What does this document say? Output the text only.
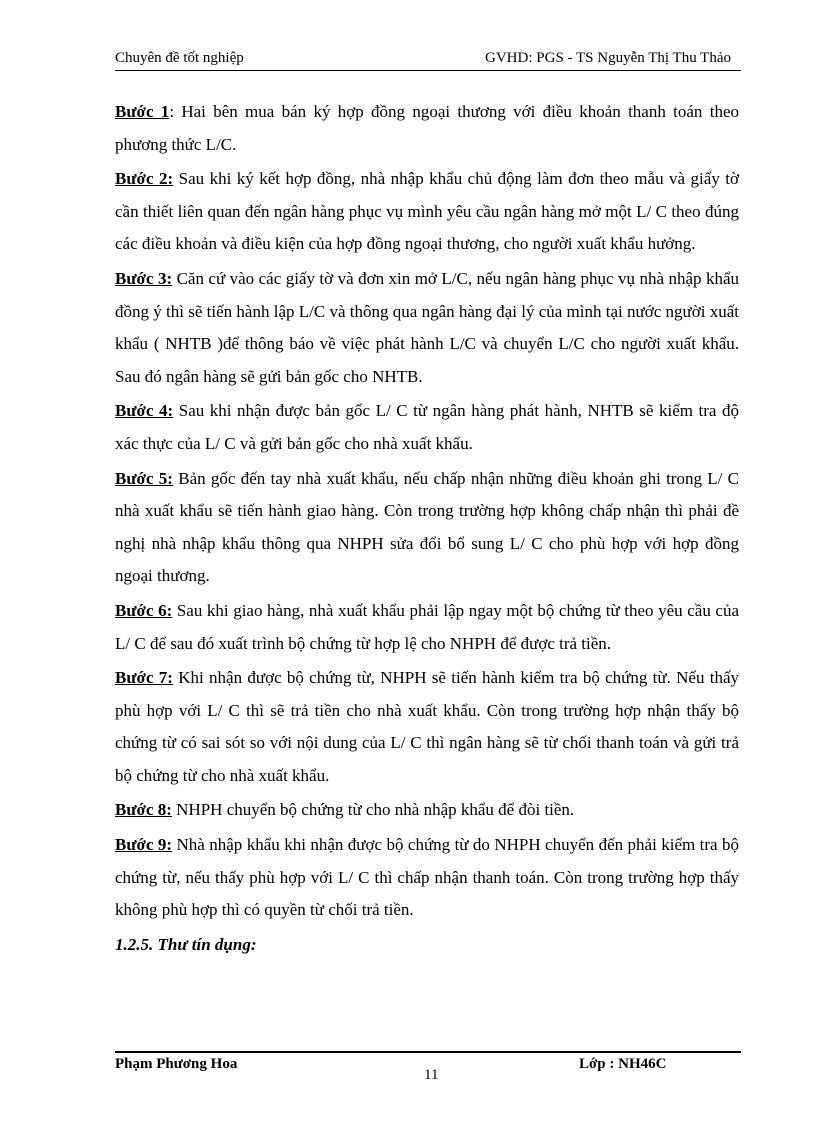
Chuyên đề tốt nghiệp	GVHD: PGS - TS Nguyễn Thị Thu Thảo

Bước 1: Hai bên mua bán ký hợp đồng ngoại thương với điều khoản thanh toán theo phương thức L/C.

Bước 2: Sau khi ký kết hợp đồng, nhà nhập khẩu chủ động làm đơn theo mẫu và giấy tờ cần thiết liên quan đến ngân hàng phục vụ mình yêu cầu ngân hàng mở một L/ C theo đúng các điều khoản và điều kiện của hợp đồng ngoại thương, cho người xuất khẩu hưởng.

Bước 3: Căn cứ vào các giấy tờ và đơn xin mở L/C, nếu ngân hàng phục vụ nhà nhập khẩu đồng ý thì sẽ tiến hành lập L/C và thông qua ngân hàng đại lý của mình tại nước người xuất khẩu ( NHTB )để thông báo về việc phát hành L/C và chuyển L/C cho người xuất khẩu. Sau đó ngân hàng sẽ gửi bản gốc cho NHTB.

Bước 4: Sau khi nhận được bản gốc L/ C từ ngân hàng phát hành, NHTB sẽ kiểm tra độ xác thực của L/ C và gửi bản gốc cho nhà xuất khẩu.

Bước 5: Bản gốc đến tay nhà xuất khẩu, nếu chấp nhận những điều khoản ghi trong L/ C nhà xuất khẩu sẽ tiến hành giao hàng. Còn trong trường hợp không chấp nhận thì phải đề nghị nhà nhập khẩu thông qua NHPH sửa đổi bổ sung L/ C cho phù hợp với hợp đồng ngoại thương.

Bước 6: Sau khi giao hàng, nhà xuất khẩu phải lập ngay một bộ chứng từ theo yêu cầu của L/ C để sau đó xuất trình bộ chứng từ hợp lệ cho NHPH để được trả tiền.

Bước 7: Khi nhận được bộ chứng từ, NHPH sẽ tiến hành kiểm tra bộ chứng từ. Nếu thấy phù hợp với L/ C thì sẽ trả tiền cho nhà xuất khẩu. Còn trong trường hợp nhận thấy bộ chứng từ có sai sót so với nội dung của L/ C thì ngân hàng sẽ từ chối thanh toán và gửi trả bộ chứng từ cho nhà xuất khẩu.

Bước 8: NHPH chuyển bộ chứng từ cho nhà nhập khẩu để đòi tiền.

Bước 9: Nhà nhập khẩu khi nhận được bộ chứng từ do NHPH chuyển đến phải kiểm tra bộ chứng từ, nếu thấy phù hợp với L/ C thì chấp nhận thanh toán. Còn trong trường hợp thấy không phù hợp thì có quyền từ chối trả tiền.

1.2.5. Thư tín dụng:
Phạm Phương Hoa
11
Lớp : NH46C
